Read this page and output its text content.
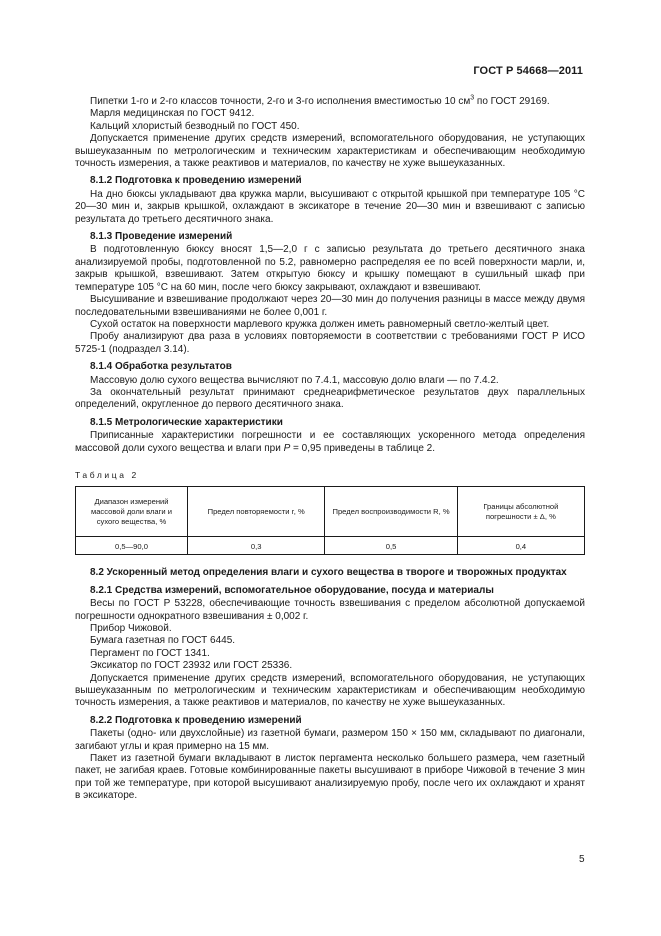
ГОСТ Р 54668—2011

Пипетки 1-го и 2-го классов точности, 2-го и 3-го исполнения вместимостью 10 $см^3$ по ГОСТ 29169.

Марля медицинская по ГОСТ 9412.

Кальций хлористый безводный по ГОСТ 450.

Допускается применение других средств измерений, вспомогательного оборудования, не уступающих вышеуказанным по метрологическим и техническим характеристикам и обеспечивающим необходимую точность измерения, а также реактивов и материалов, по качеству не хуже вышеуказанных.

8.1.2 Подготовка к проведению измерений

На дно бюксы укладывают два кружка марли, высушивают с открытой крышкой при температуре 105 °С 20—30 мин и, закрыв крышкой, охлаждают в эксикаторе в течение 20—30 мин и взвешивают с записью результата до третьего десятичного знака.

8.1.3 Проведение измерений

В подготовленную бюксу вносят 1,5—2,0 г с записью результата до третьего десятичного знака анализируемой пробы, подготовленной по 5.2, равномерно распределяя ее по всей поверхности марли, и, закрыв крышкой, взвешивают. Затем открытую бюксу и крышку помещают в сушильный шкаф при температуре 105 °С на 60 мин, после чего бюксу закрывают, охлаждают и взвешивают.

Высушивание и взвешивание продолжают через 20—30 мин до получения разницы в массе между двумя последовательными взвешиваниями не более 0,001 г.

Сухой остаток на поверхности марлевого кружка должен иметь равномерный светло-желтый цвет.

Пробу анализируют два раза в условиях повторяемости в соответствии с требованиями ГОСТ Р ИСО 5725-1 (подраздел 3.14).

8.1.4 Обработка результатов

Массовую долю сухого вещества вычисляют по 7.4.1, массовую долю влаги — по 7.4.2.

За окончательный результат принимают среднеарифметическое результатов двух параллельных определений, округленное до первого десятичного знака.

8.1.5 Метрологические характеристики

Приписанные характеристики погрешности и ее составляющих ускоренного метода определения массовой доли сухого вещества и влаги при P = 0,95 приведены в таблице 2.

Таблица 2

Диапазон измерений массовой доли влаги и сухого вещества, %	Предел повторяемости r, %	Предел воспроизводимости R, %	Границы абсолютной погрешности ± Δ, %
0,5—90,0	0,3	0,5	0,4

8.2 Ускоренный метод определения влаги и сухого вещества в твороге и творожных продуктах

8.2.1 Средства измерений, вспомогательное оборудование, посуда и материалы

Весы по ГОСТ Р 53228, обеспечивающие точность взвешивания с пределом абсолютной допускаемой погрешности однократного взвешивания ± 0,002 г.

Прибор Чижовой.

Бумага газетная по ГОСТ 6445.

Пергамент по ГОСТ 1341.

Эксикатор по ГОСТ 23932 или ГОСТ 25336.

Допускается применение других средств измерений, вспомогательного оборудования, не уступающих вышеуказанным по метрологическим и техническим характеристикам и обеспечивающим необходимую точность измерения, а также реактивов и материалов, по качеству не хуже вышеуказанных.

8.2.2 Подготовка к проведению измерений

Пакеты (одно- или двухслойные) из газетной бумаги, размером 150 × 150 мм, складывают по диагонали, загибают углы и края примерно на 15 мм.

Пакет из газетной бумаги вкладывают в листок пергамента несколько большего размера, чем газетный пакет, не загибая краев. Готовые комбинированные пакеты высушивают в приборе Чижовой в течение 3 мин при той же температуре, при которой высушивают анализируемую пробу, после чего их охлаждают и хранят в эксикаторе.

5
